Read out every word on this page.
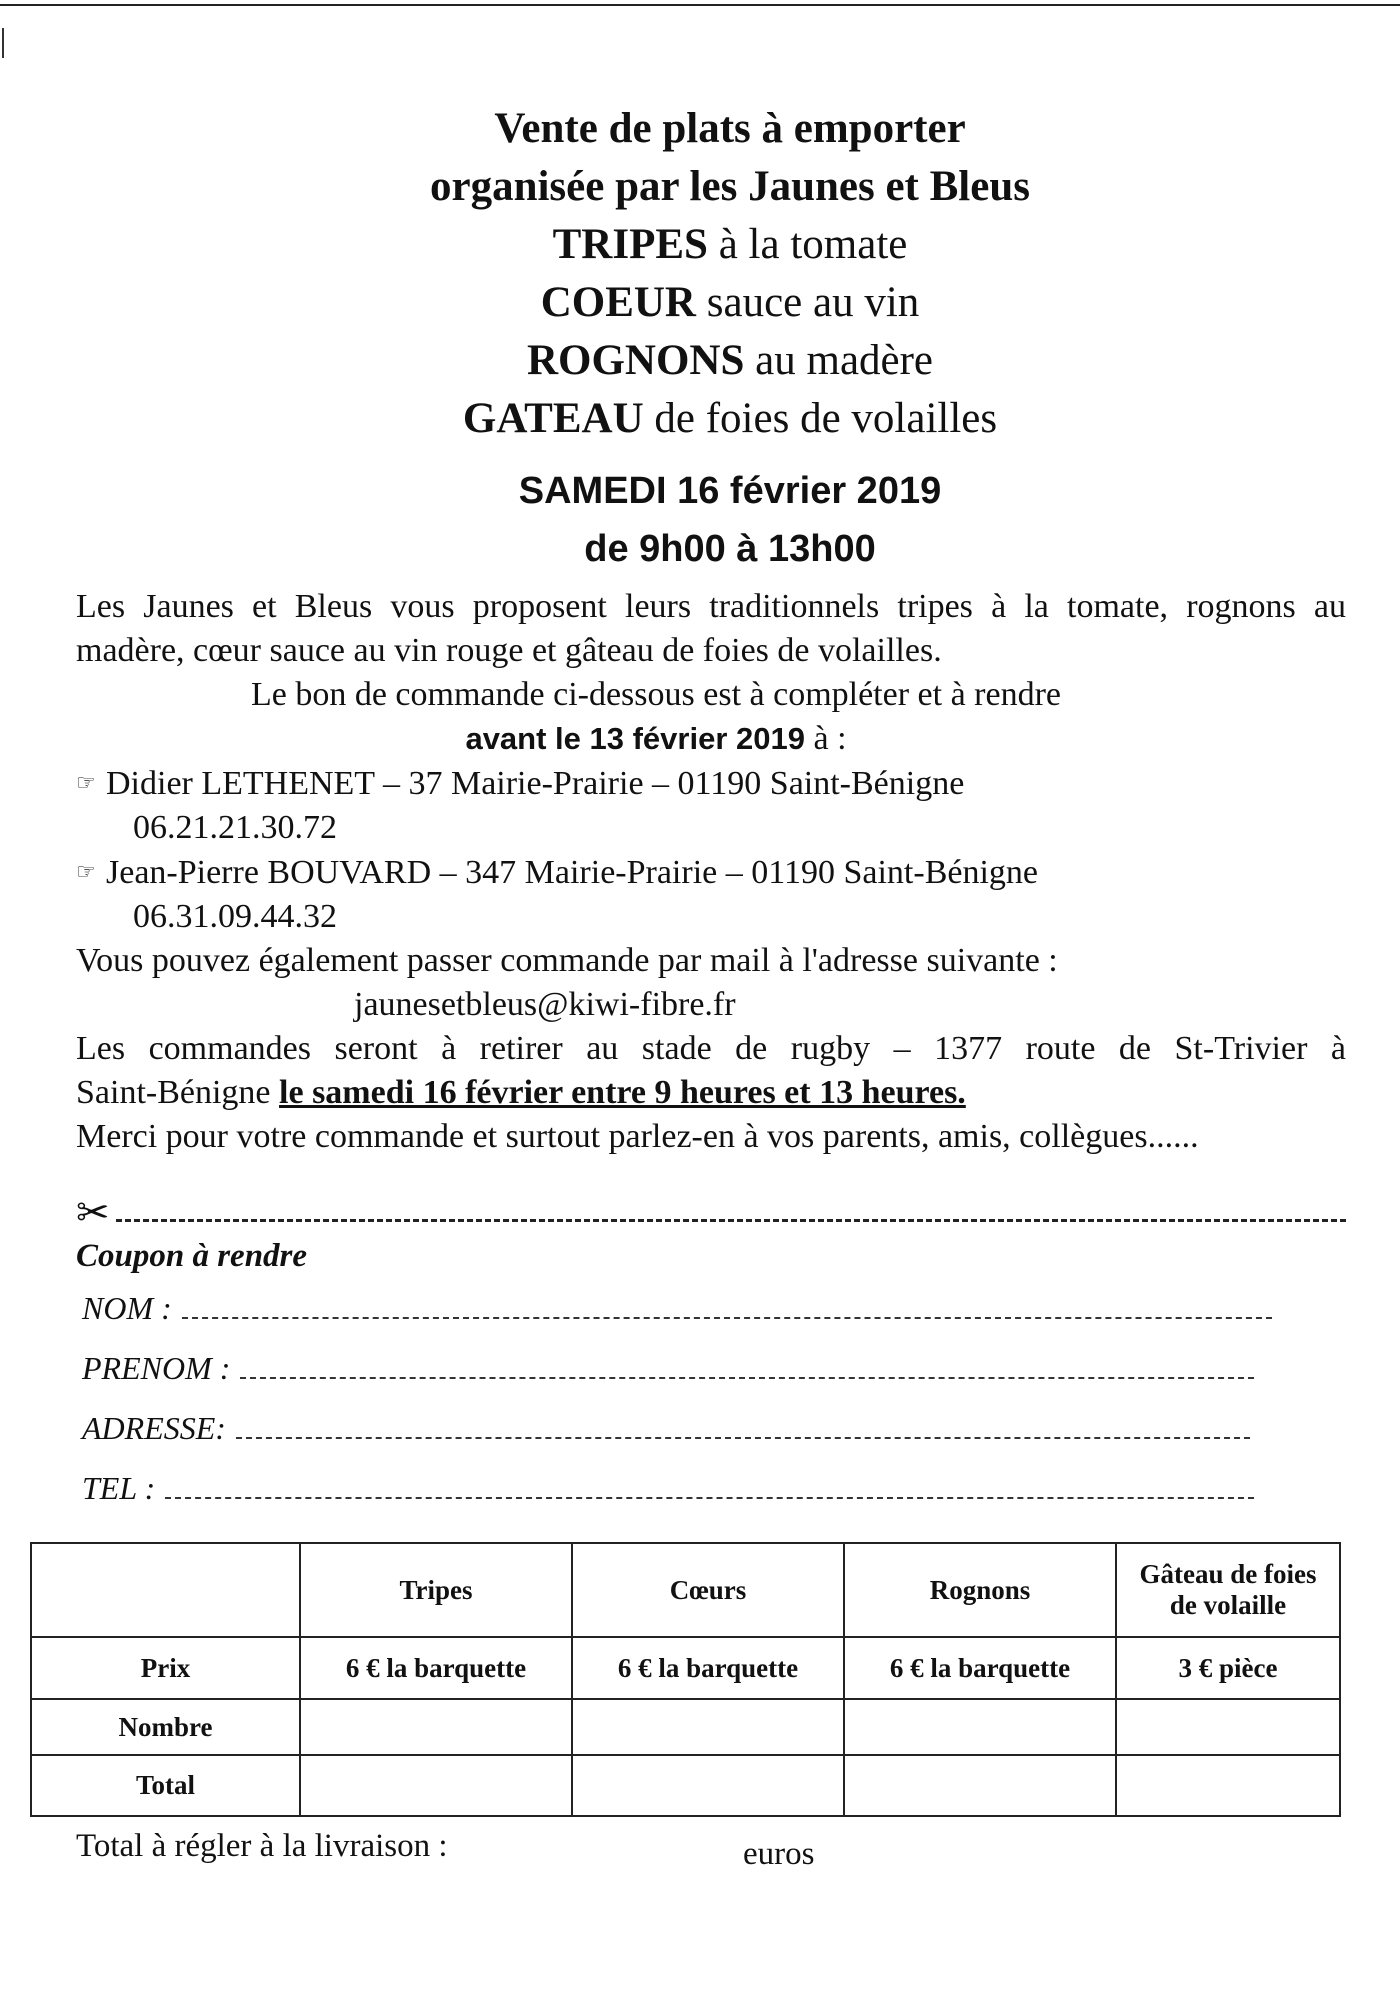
Vente de plats à emporter
organisée par les Jaunes et Bleus
TRIPES à la tomate
COEUR sauce au vin
ROGNONS au madère
GATEAU de foies de volailles
SAMEDI 16 février 2019
de 9h00 à 13h00

Les Jaunes et Bleus vous proposent leurs traditionnels tripes à la tomate, rognons au

madère, cœur sauce au vin rouge et gâteau de foies de volailles.

Le bon de commande ci-dessous est à compléter et à rendre

avant le 13 février 2019 à :

☞ Didier LETHENET – 37 Mairie-Prairie – 01190 Saint-Bénigne

06.21.21.30.72

☞ Jean-Pierre BOUVARD – 347 Mairie-Prairie – 01190 Saint-Bénigne

06.31.09.44.32

Vous pouvez également passer commande par mail à l'adresse suivante :

jaunesetbleus@kiwi-fibre.fr

Les commandes seront à retirer au stade de rugby – 1377 route de St-Trivier à

Saint-Bénigne le samedi 16 février entre 9 heures et 13 heures.

Merci pour votre commande et surtout parlez-en à vos parents, amis, collègues......

✂
Coupon à rendre
NOM :
PRENOM :
ADRESSE:
TEL :
	Tripes	Cœurs	Rognons	Gâteau de foies de volaille
Prix	6 € la barquette	6 € la barquette	6 € la barquette	3 € pièce
Nombre				
Total				
Total à régler à la livraison :	euros
